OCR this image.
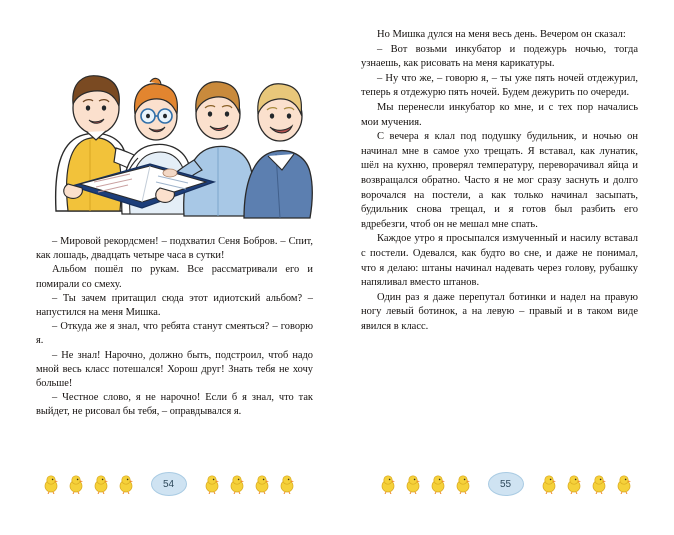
– Мировой рекордсмен! – подхватил Сеня Бобров. – Спит, как лошадь, двадцать четыре часа в сутки!

Альбом пошёл по рукам. Все рассматривали его и помирали со смеху.

– Ты зачем притащил сюда этот идиотский альбом? – напустился на меня Мишка.

– Откуда же я знал, что ребята станут смеяться? – говорю я.

– Не знал! Нарочно, должно быть, подстроил, чтоб надо мной весь класс потешался! Хорош друг! Знать тебя не хочу больше!

– Честное слово, я не нарочно! Если б я знал, что так выйдет, не рисовал бы тебя, – оправдывался я.

54

Но Мишка дулся на меня весь день. Вечером он сказал:

– Вот возьми инкубатор и подежурь ночью, тогда узнаешь, как рисовать на меня карикатуры.

– Ну что же, – говорю я, – ты уже пять ночей отдежурил, теперь я отдежурю пять ночей. Будем дежурить по очереди.

Мы перенесли инкубатор ко мне, и с тех пор начались мои мучения.

С вечера я клал под подушку будильник, и ночью он начинал мне в самое ухо трещать. Я вставал, как лунатик, шёл на кухню, проверял температуру, переворачивал яйца и возвращался обратно. Часто я не мог сразу заснуть и долго ворочался на постели, а как только начинал засыпать, будильник снова трещал, и я готов был разбить его вдребезги, чтоб он не мешал мне спать.

Каждое утро я просыпался измученный и насилу вставал с постели. Одевался, как будто во сне, и даже не понимал, что я делаю: штаны начинал надевать через голову, рубашку напяливал вместо штанов.

Один раз я даже перепутал ботинки и надел на правую ногу левый ботинок, а на левую – правый и в таком виде явился в класс.

55
